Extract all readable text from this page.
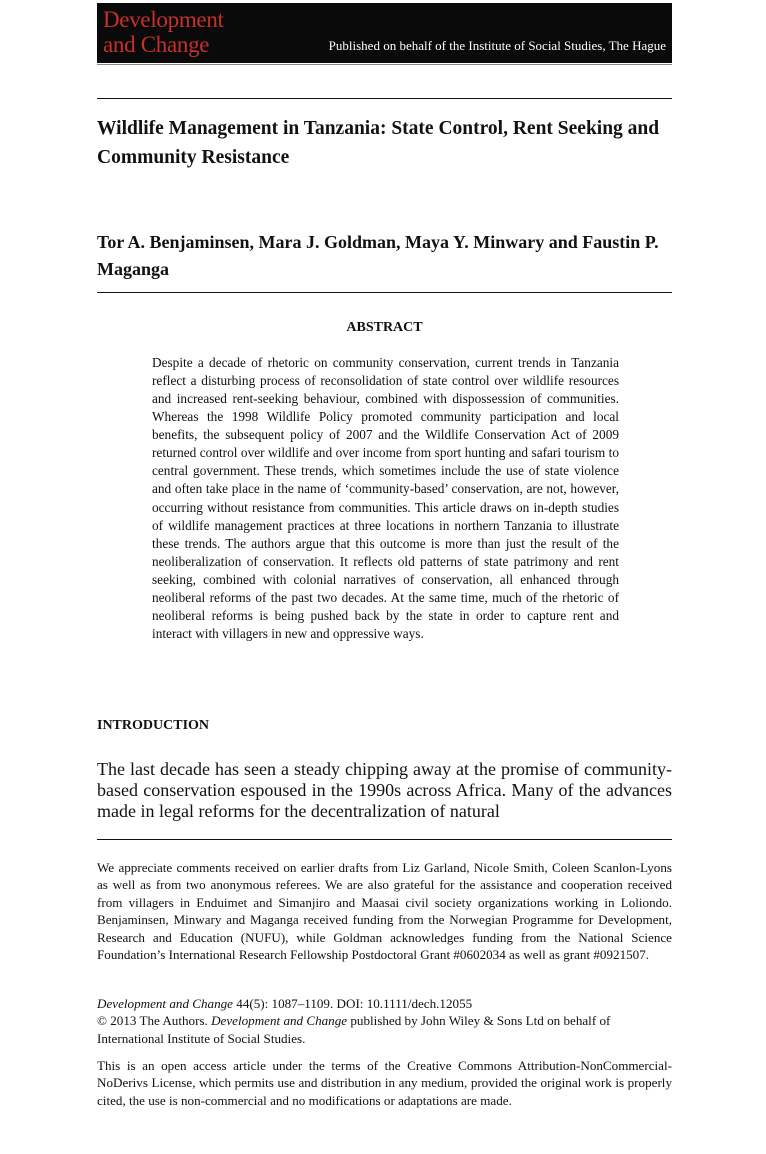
Development
and Change	Published on behalf of the Institute of Social Studies, The Hague
Wildlife Management in Tanzania: State Control, Rent Seeking and Community Resistance

Tor A. Benjaminsen, Mara J. Goldman, Maya Y. Minwary and Faustin P. Maganga

ABSTRACT

Despite a decade of rhetoric on community conservation, current trends in Tanzania reflect a disturbing process of reconsolidation of state control over wildlife resources and increased rent-seeking behaviour, combined with dispossession of communities. Whereas the 1998 Wildlife Policy promoted community participation and local benefits, the subsequent policy of 2007 and the Wildlife Conservation Act of 2009 returned control over wildlife and over income from sport hunting and safari tourism to central government. These trends, which sometimes include the use of state violence and often take place in the name of ‘community-based’ conservation, are not, however, occurring without resistance from communities. This article draws on in-depth studies of wildlife management practices at three locations in northern Tanzania to illustrate these trends. The authors argue that this outcome is more than just the result of the neoliberalization of conservation. It reflects old patterns of state patrimony and rent seeking, combined with colonial narratives of conservation, all enhanced through neoliberal reforms of the past two decades. At the same time, much of the rhetoric of neoliberal reforms is being pushed back by the state in order to capture rent and interact with villagers in new and oppressive ways.

INTRODUCTION

The last decade has seen a steady chipping away at the promise of community-based conservation espoused in the 1990s across Africa. Many of the advances made in legal reforms for the decentralization of natural

We appreciate comments received on earlier drafts from Liz Garland, Nicole Smith, Coleen Scanlon-Lyons as well as from two anonymous referees. We are also grateful for the assistance and cooperation received from villagers in Enduimet and Simanjiro and Maasai civil society organizations working in Loliondo. Benjaminsen, Minwary and Maganga received funding from the Norwegian Programme for Development, Research and Education (NUFU), while Goldman acknowledges funding from the National Science Foundation’s International Research Fellowship Postdoctoral Grant #0602034 as well as grant #0921507.

Development and Change 44(5): 1087–1109. DOI: 10.1111/dech.12055
© 2013 The Authors. Development and Change published by John Wiley & Sons Ltd on behalf of International Institute of Social Studies.

This is an open access article under the terms of the Creative Commons Attribution-NonCommercial-NoDerivs License, which permits use and distribution in any medium, provided the original work is properly cited, the use is non-commercial and no modifications or adaptations are made.
